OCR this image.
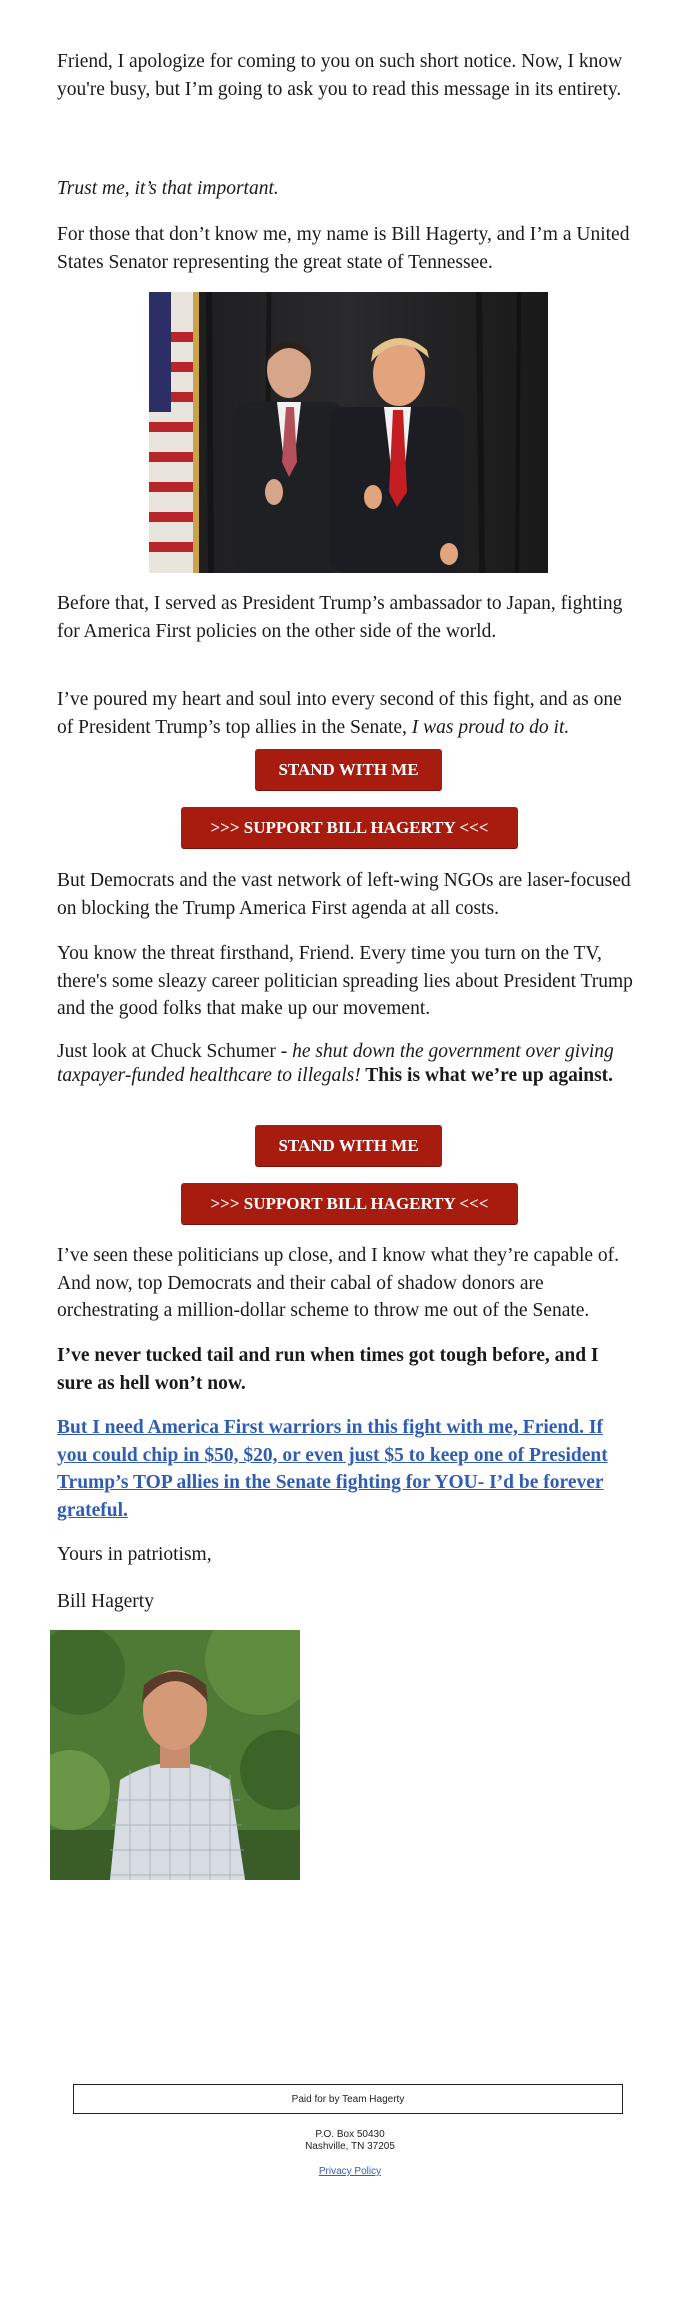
Friend, I apologize for coming to you on such short notice. Now, I know you're busy, but I’m going to ask you to read this message in its entirety.

Trust me, it’s that important.

For those that don’t know me, my name is Bill Hagerty, and I’m a United States Senator representing the great state of Tennessee.

Before that, I served as President Trump’s ambassador to Japan, fighting for America First policies on the other side of the world.

I’ve poured my heart and soul into every second of this fight, and as one of President Trump’s top allies in the Senate, I was proud to do it.

STAND WITH ME
>>> SUPPORT BILL HAGERTY <<<

But Democrats and the vast network of left-wing NGOs are laser-focused on blocking the Trump America First agenda at all costs.

You know the threat firsthand, Friend. Every time you turn on the TV, there's some sleazy career politician spreading lies about President Trump and the good folks that make up our movement.

Just look at Chuck Schumer - he shut down the government over giving taxpayer-funded healthcare to illegals! This is what we’re up against.

STAND WITH ME
>>> SUPPORT BILL HAGERTY <<<

I’ve seen these politicians up close, and I know what they’re capable of. And now, top Democrats and their cabal of shadow donors are orchestrating a million-dollar scheme to throw me out of the Senate.

I’ve never tucked tail and run when times got tough before, and I sure as hell won’t now.

But I need America First warriors in this fight with me, Friend. If you could chip in $50, $20, or even just $5 to keep one of President Trump’s TOP allies in the Senate fighting for YOU- I’d be forever grateful.

Yours in patriotism,

Bill Hagerty

Paid for by Team Hagerty
P.O. Box 50430
Nashville, TN 37205
Privacy Policy
